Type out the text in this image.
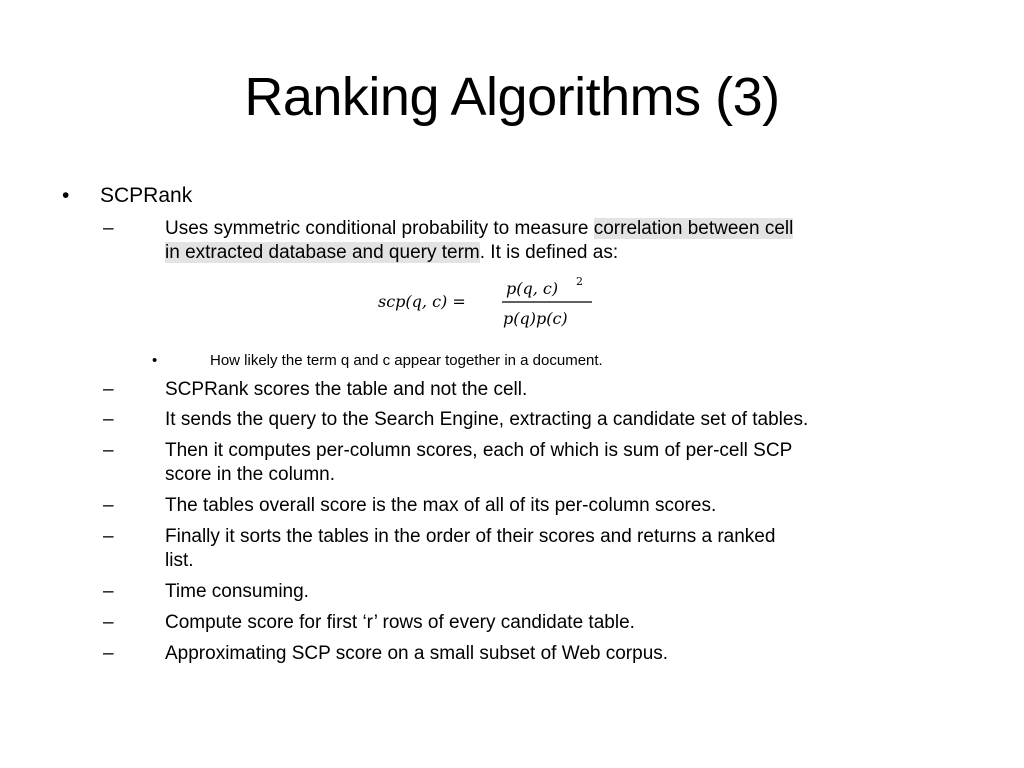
Ranking Algorithms (3)
• SCPRank
–	Uses symmetric conditional probability to measure correlation between cell
in extracted database and query term. It is defined as:
scp(q, c) =
p(q, c) 2
p(q)p(c)
•	How likely the term q and c appear together in a document.
–	SCPRank scores the table and not the cell.
–	It sends the query to the Search Engine, extracting a candidate set of tables.
–	Then it computes per-column scores, each of which is sum of per-cell SCP
score in the column.
–	The tables overall score is the max of all of its per-column scores.
–	Finally it sorts the tables in the order of their scores and returns a ranked
list.
–	Time consuming.
–	Compute score for first ‘r’ rows of every candidate table.
–	Approximating SCP score on a small subset of Web corpus.
